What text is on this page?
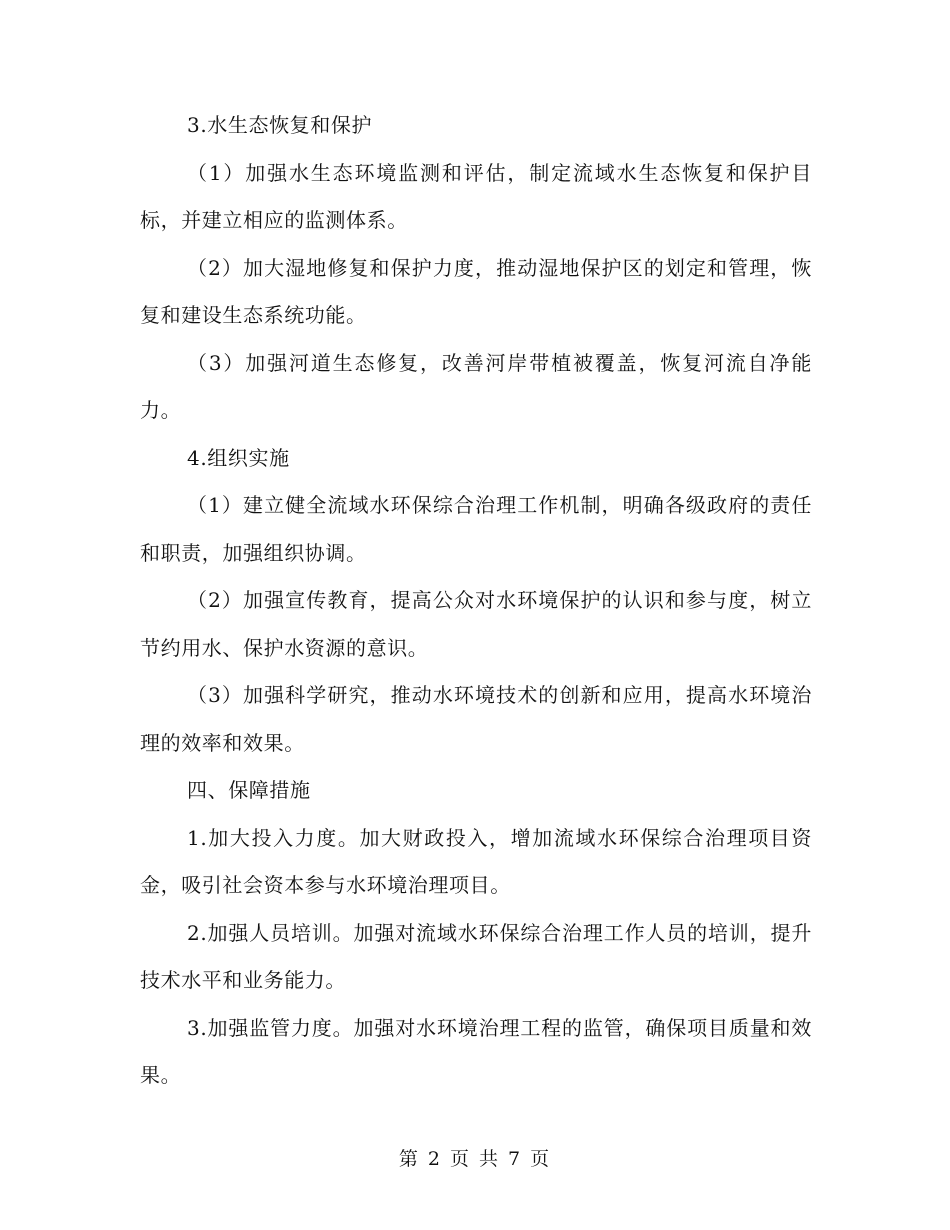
3.水生态恢复和保护

（1）加强水生态环境监测和评估，制定流域水生态恢复和保护目标，并建立相应的监测体系。

（2）加大湿地修复和保护力度，推动湿地保护区的划定和管理，恢复和建设生态系统功能。

（3）加强河道生态修复，改善河岸带植被覆盖，恢复河流自净能力。

4.组织实施

（1）建立健全流域水环保综合治理工作机制，明确各级政府的责任和职责，加强组织协调。

（2）加强宣传教育，提高公众对水环境保护的认识和参与度，树立节约用水、保护水资源的意识。

（3）加强科学研究，推动水环境技术的创新和应用，提高水环境治理的效率和效果。

四、保障措施

1.加大投入力度。加大财政投入，增加流域水环保综合治理项目资金，吸引社会资本参与水环境治理项目。

2.加强人员培训。加强对流域水环保综合治理工作人员的培训，提升技术水平和业务能力。

3.加强监管力度。加强对水环境治理工程的监管，确保项目质量和效果。

第 2 页 共 7 页
